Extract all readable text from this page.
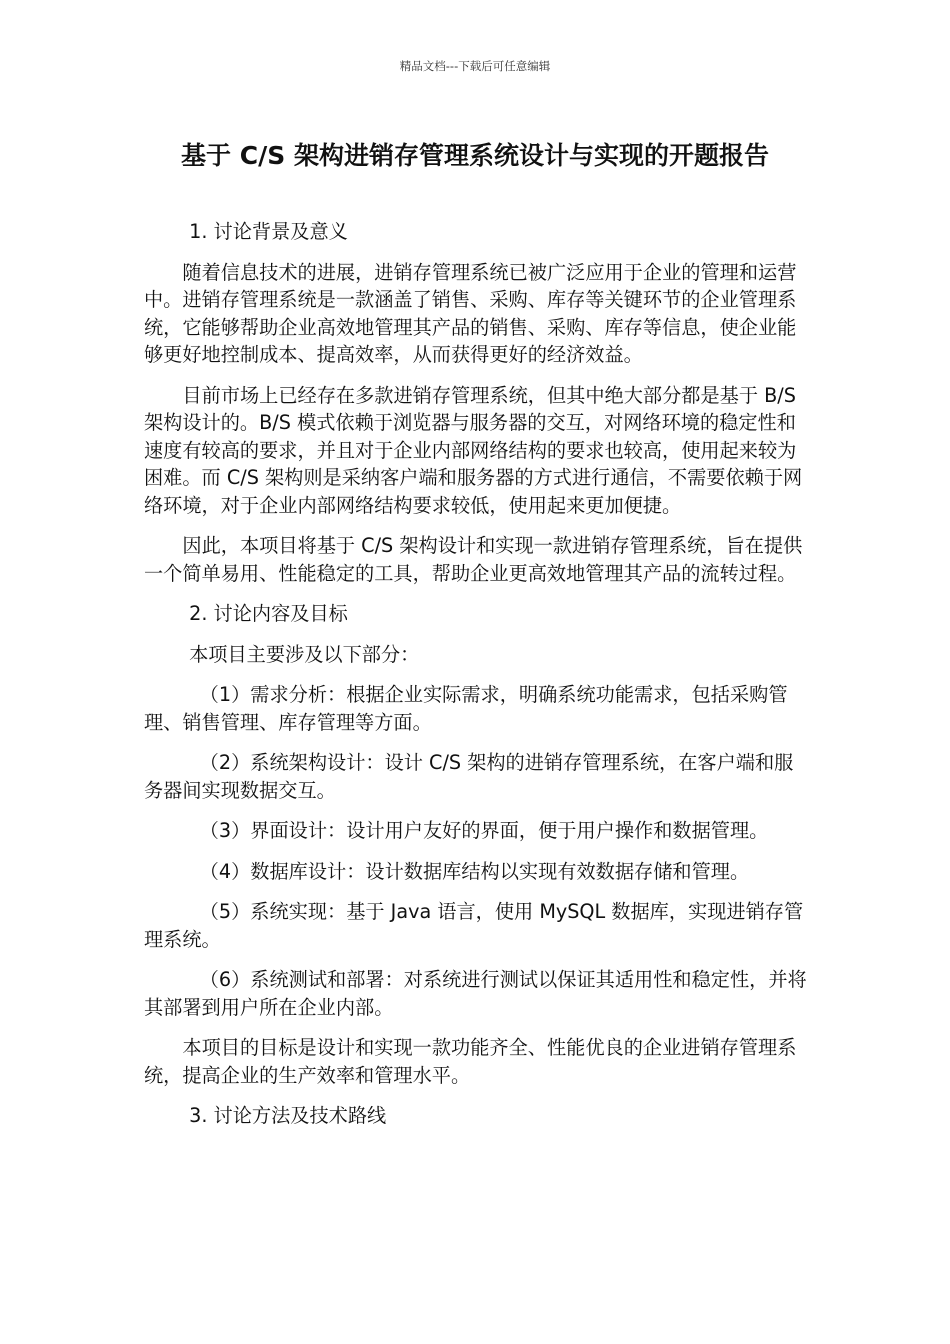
精品文档---下载后可任意编辑
基于 C/S 架构进销存管理系统设计与实现的开题报告

1. 讨论背景及意义

随着信息技术的进展，进销存管理系统已被广泛应用于企业的管理和运营中。进销存管理系统是一款涵盖了销售、采购、库存等关键环节的企业管理系统，它能够帮助企业高效地管理其产品的销售、采购、库存等信息，使企业能够更好地控制成本、提高效率，从而获得更好的经济效益。

目前市场上已经存在多款进销存管理系统，但其中绝大部分都是基于 B/S 架构设计的。B/S 模式依赖于浏览器与服务器的交互，对网络环境的稳定性和速度有较高的要求，并且对于企业内部网络结构的要求也较高，使用起来较为困难。而 C/S 架构则是采纳客户端和服务器的方式进行通信，不需要依赖于网络环境，对于企业内部网络结构要求较低，使用起来更加便捷。

因此，本项目将基于 C/S 架构设计和实现一款进销存管理系统，旨在提供一个简单易用、性能稳定的工具，帮助企业更高效地管理其产品的流转过程。

2. 讨论内容及目标

本项目主要涉及以下部分：

（1）需求分析：根据企业实际需求，明确系统功能需求，包括采购管理、销售管理、库存管理等方面。

（2）系统架构设计：设计 C/S 架构的进销存管理系统，在客户端和服务器间实现数据交互。

（3）界面设计：设计用户友好的界面，便于用户操作和数据管理。

（4）数据库设计：设计数据库结构以实现有效数据存储和管理。

（5）系统实现：基于 Java 语言，使用 MySQL 数据库，实现进销存管理系统。

（6）系统测试和部署：对系统进行测试以保证其适用性和稳定性，并将其部署到用户所在企业内部。

本项目的目标是设计和实现一款功能齐全、性能优良的企业进销存管理系统，提高企业的生产效率和管理水平。

3. 讨论方法及技术路线
